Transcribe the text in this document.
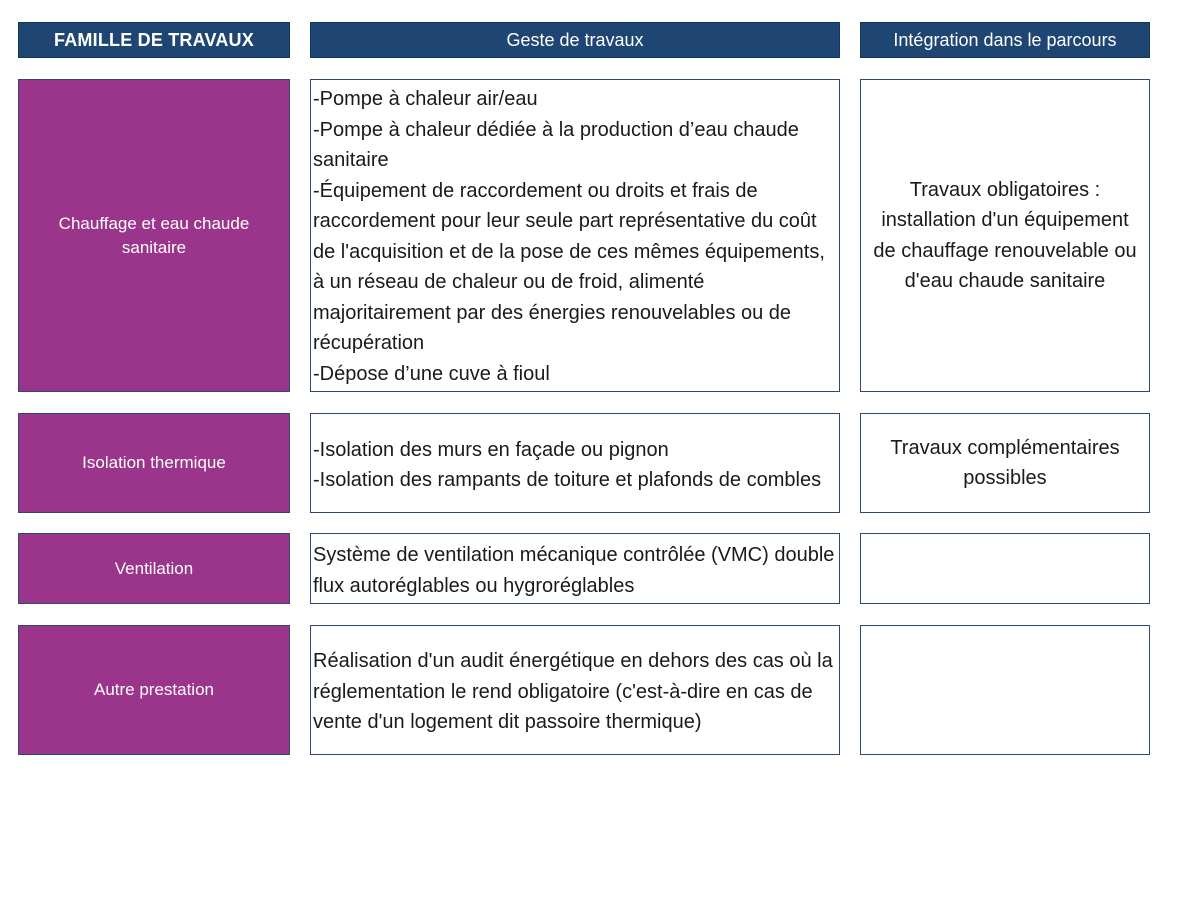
FAMILLE DE TRAVAUX	Geste de travaux	Intégration dans le parcours
Chauffage et eau chaude sanitaire
-Pompe à chaleur air/eau
-Pompe à chaleur dédiée à la production d’eau chaude sanitaire
-Équipement de raccordement ou droits et frais de raccordement pour leur seule part représentative du coût de l'acquisition et de la pose de ces mêmes équipements, à un réseau de chaleur ou de froid, alimenté majoritairement par des énergies renouvelables ou de récupération
-Dépose d’une cuve à fioul
Travaux obligatoires : installation d'un équipement de chauffage renouvelable ou d'eau chaude sanitaire
Isolation thermique
-Isolation des murs en façade ou pignon
-Isolation des rampants de toiture et plafonds de combles
Travaux complémentaires possibles
Ventilation
Système de ventilation mécanique contrôlée (VMC) double flux autoréglables ou hygroréglables
Autre prestation
Réalisation d'un audit énergétique en dehors des cas où la réglementation le rend obligatoire (c'est-à-dire en cas de vente d'un logement dit passoire thermique)
